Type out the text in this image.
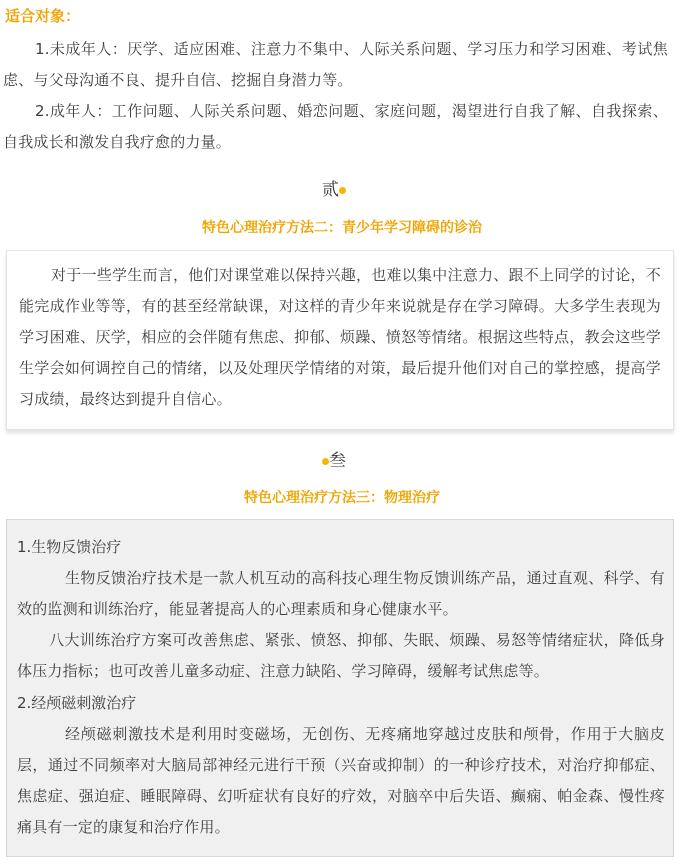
适合对象：

1.未成年人：厌学、适应困难、注意力不集中、人际关系问题、学习压力和学习困难、考试焦虑、与父母沟通不良、提升自信、挖掘自身潜力等。

2.成年人：工作问题、人际关系问题、婚恋问题、家庭问题，渴望进行自我了解、自我探索、自我成长和激发自我疗愈的力量。

贰

特色心理治疗方法二：青少年学习障碍的诊治

对于一些学生而言，他们对课堂难以保持兴趣，也难以集中注意力、跟不上同学的讨论，不能完成作业等等，有的甚至经常缺课，对这样的青少年来说就是存在学习障碍。大多学生表现为学习困难、厌学，相应的会伴随有焦虑、抑郁、烦躁、愤怒等情绪。根据这些特点，教会这些学生学会如何调控自己的情绪，以及处理厌学情绪的对策，最后提升他们对自己的掌控感，提高学习成绩，最终达到提升自信心。

叁

特色心理治疗方法三：物理治疗

1.生物反馈治疗

生物反馈治疗技术是一款人机互动的高科技心理生物反馈训练产品，通过直观、科学、有效的监测和训练治疗，能显著提高人的心理素质和身心健康水平。

八大训练治疗方案可改善焦虑、紧张、愤怒、抑郁、失眠、烦躁、易怒等情绪症状，降低身体压力指标；也可改善儿童多动症、注意力缺陷、学习障碍，缓解考试焦虑等。

2.经颅磁刺激治疗

经颅磁刺激技术是利用时变磁场，无创伤、无疼痛地穿越过皮肤和颅骨，作用于大脑皮层，通过不同频率对大脑局部神经元进行干预（兴奋或抑制）的一种诊疗技术，对治疗抑郁症、焦虑症、强迫症、睡眠障碍、幻听症状有良好的疗效，对脑卒中后失语、癫痫、帕金森、慢性疼痛具有一定的康复和治疗作用。
